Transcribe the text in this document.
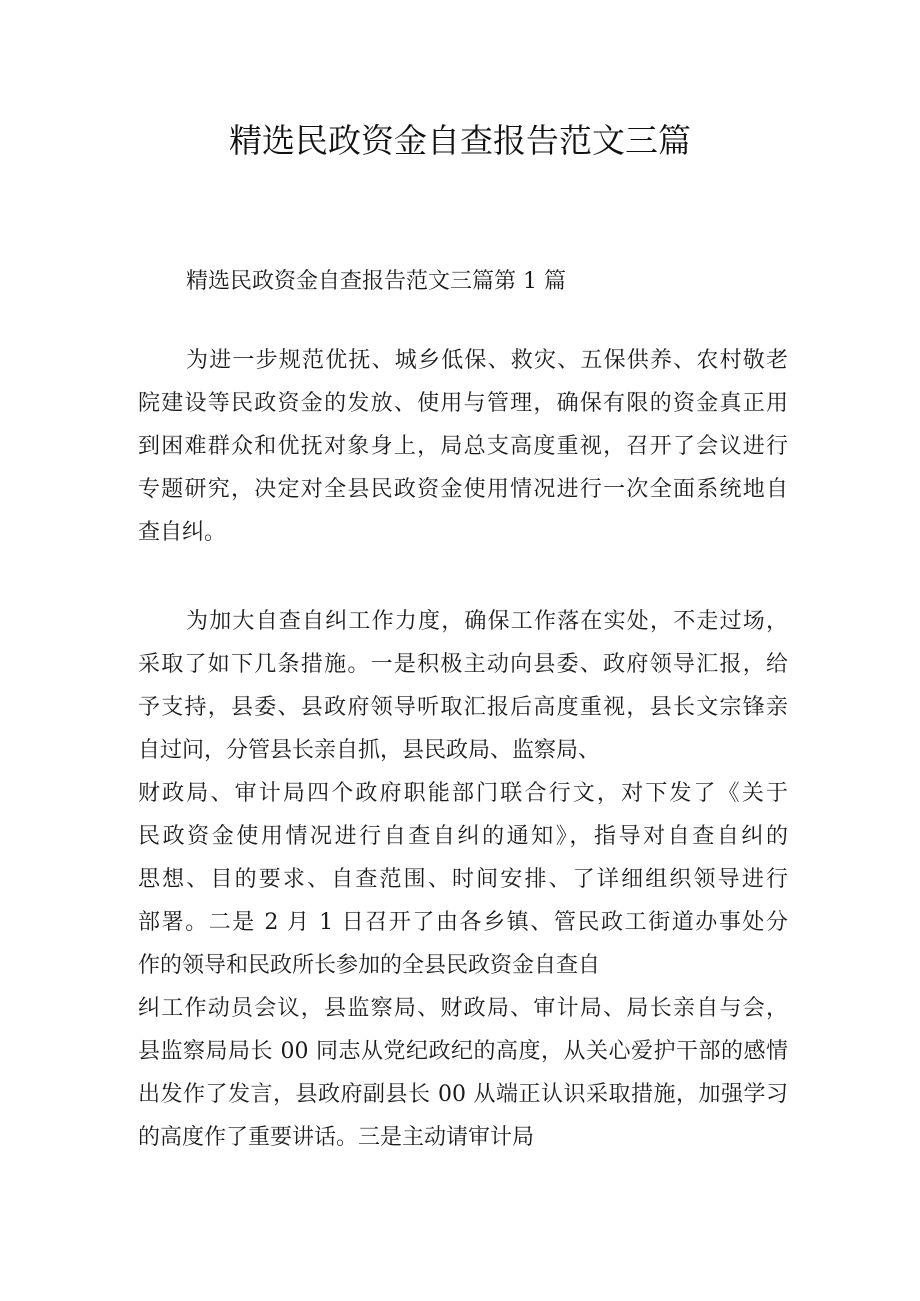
精选民政资金自查报告范文三篇
精选民政资金自查报告范文三篇第 1 篇
为进一步规范优抚、城乡低保、救灾、五保供养、农村敬老
院建设等民政资金的发放、使用与管理，确保有限的资金真正用
到困难群众和优抚对象身上，局总支高度重视，召开了会议进行
专题研究，决定对全县民政资金使用情况进行一次全面系统地自
查自纠。
为加大自查自纠工作力度，确保工作落在实处，不走过场，
采取了如下几条措施。一是积极主动向县委、政府领导汇报，给
予支持，县委、县政府领导听取汇报后高度重视，县长文宗锋亲
自过问，分管县长亲自抓，县民政局、监察局、
财政局、审计局四个政府职能部门联合行文，对下发了《关于
民政资金使用情况进行自查自纠的通知》，指导对自查自纠的
思想、目的要求、自查范围、时间安排、了详细组织领导进行
部署。二是 2 月 1 日召开了由各乡镇、管民政工街道办事处分
作的领导和民政所长参加的全县民政资金自查自
纠工作动员会议，县监察局、财政局、审计局、局长亲自与会，
县监察局局长 00 同志从党纪政纪的高度，从关心爱护干部的感情
出发作了发言，县政府副县长 00 从端正认识采取措施，加强学习
的高度作了重要讲话。三是主动请审计局
